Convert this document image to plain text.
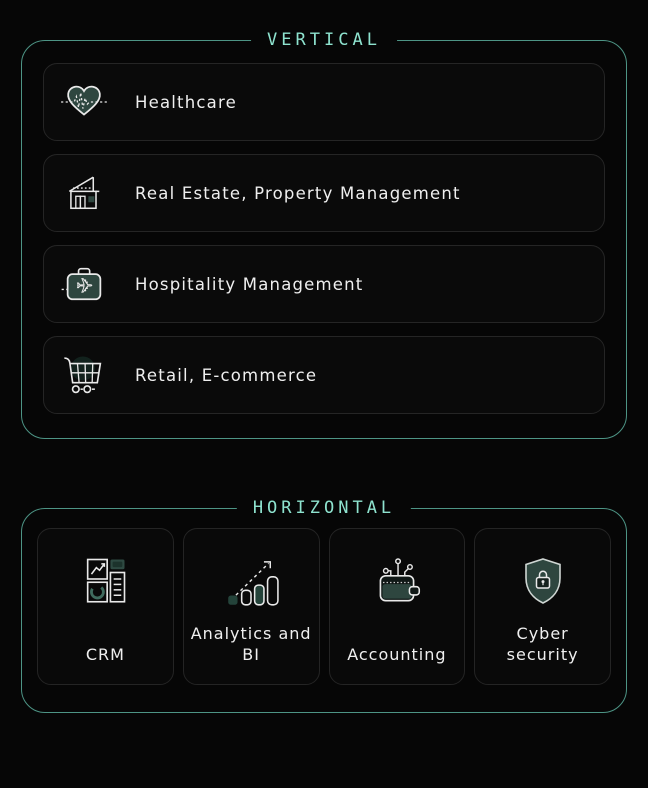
VERTICAL
Healthcare
Real Estate, Property Management
✈	Hospitality Management
Retail, E-commerce
HORIZONTAL
CRM
Analytics and BI	Accounting
Cyber security
